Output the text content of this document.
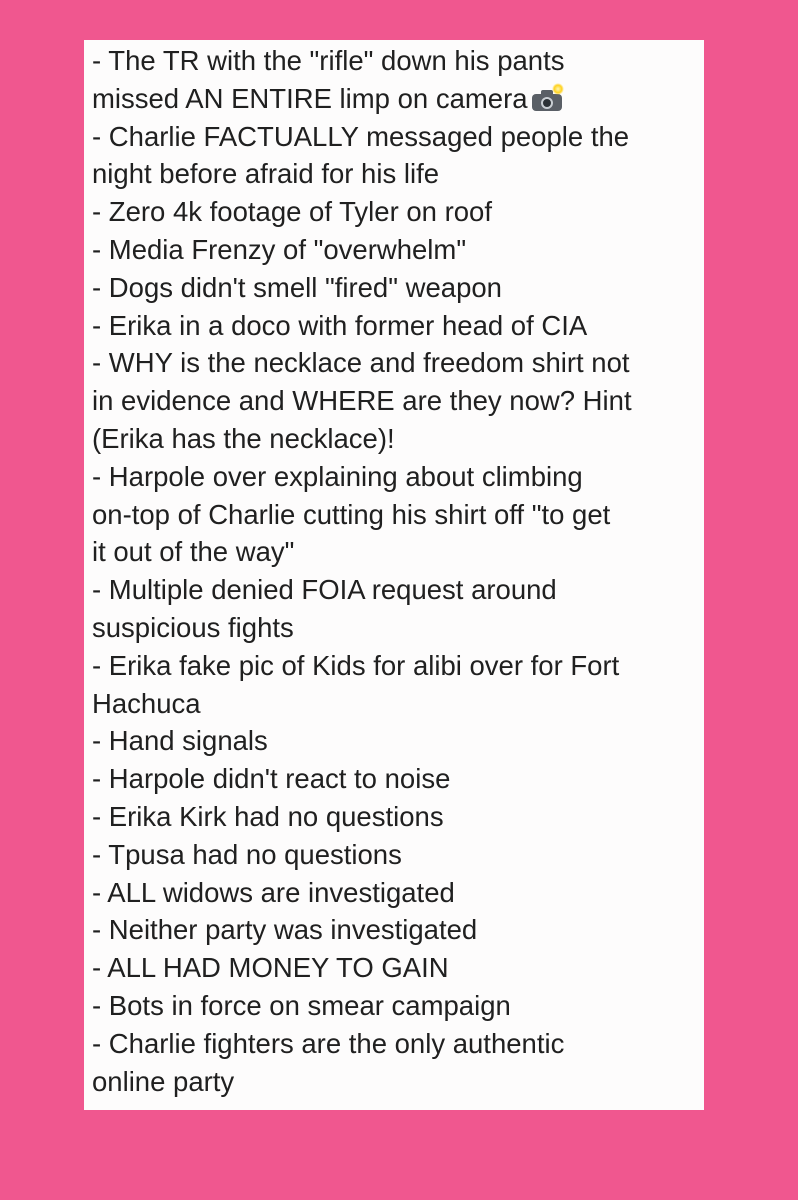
- The TR with the "rifle" down his pants
missed AN ENTIRE limp on camera
- Charlie FACTUALLY messaged people the
night before afraid for his life
- Zero 4k footage of Tyler on roof
- Media Frenzy of "overwhelm"
- Dogs didn't smell "fired" weapon
- Erika in a doco with former head of CIA
- WHY is the necklace and freedom shirt not
in evidence and WHERE are they now? Hint
(Erika has the necklace)!
- Harpole over explaining about climbing
on-top of Charlie cutting his shirt off "to get
it out of the way"
- Multiple denied FOIA request around
suspicious fights
- Erika fake pic of Kids for alibi over for Fort
Hachuca
- Hand signals
- Harpole didn't react to noise
- Erika Kirk had no questions
- Tpusa had no questions
- ALL widows are investigated
- Neither party was investigated
- ALL HAD MONEY TO GAIN
- Bots in force on smear campaign
- Charlie fighters are the only authentic
online party
